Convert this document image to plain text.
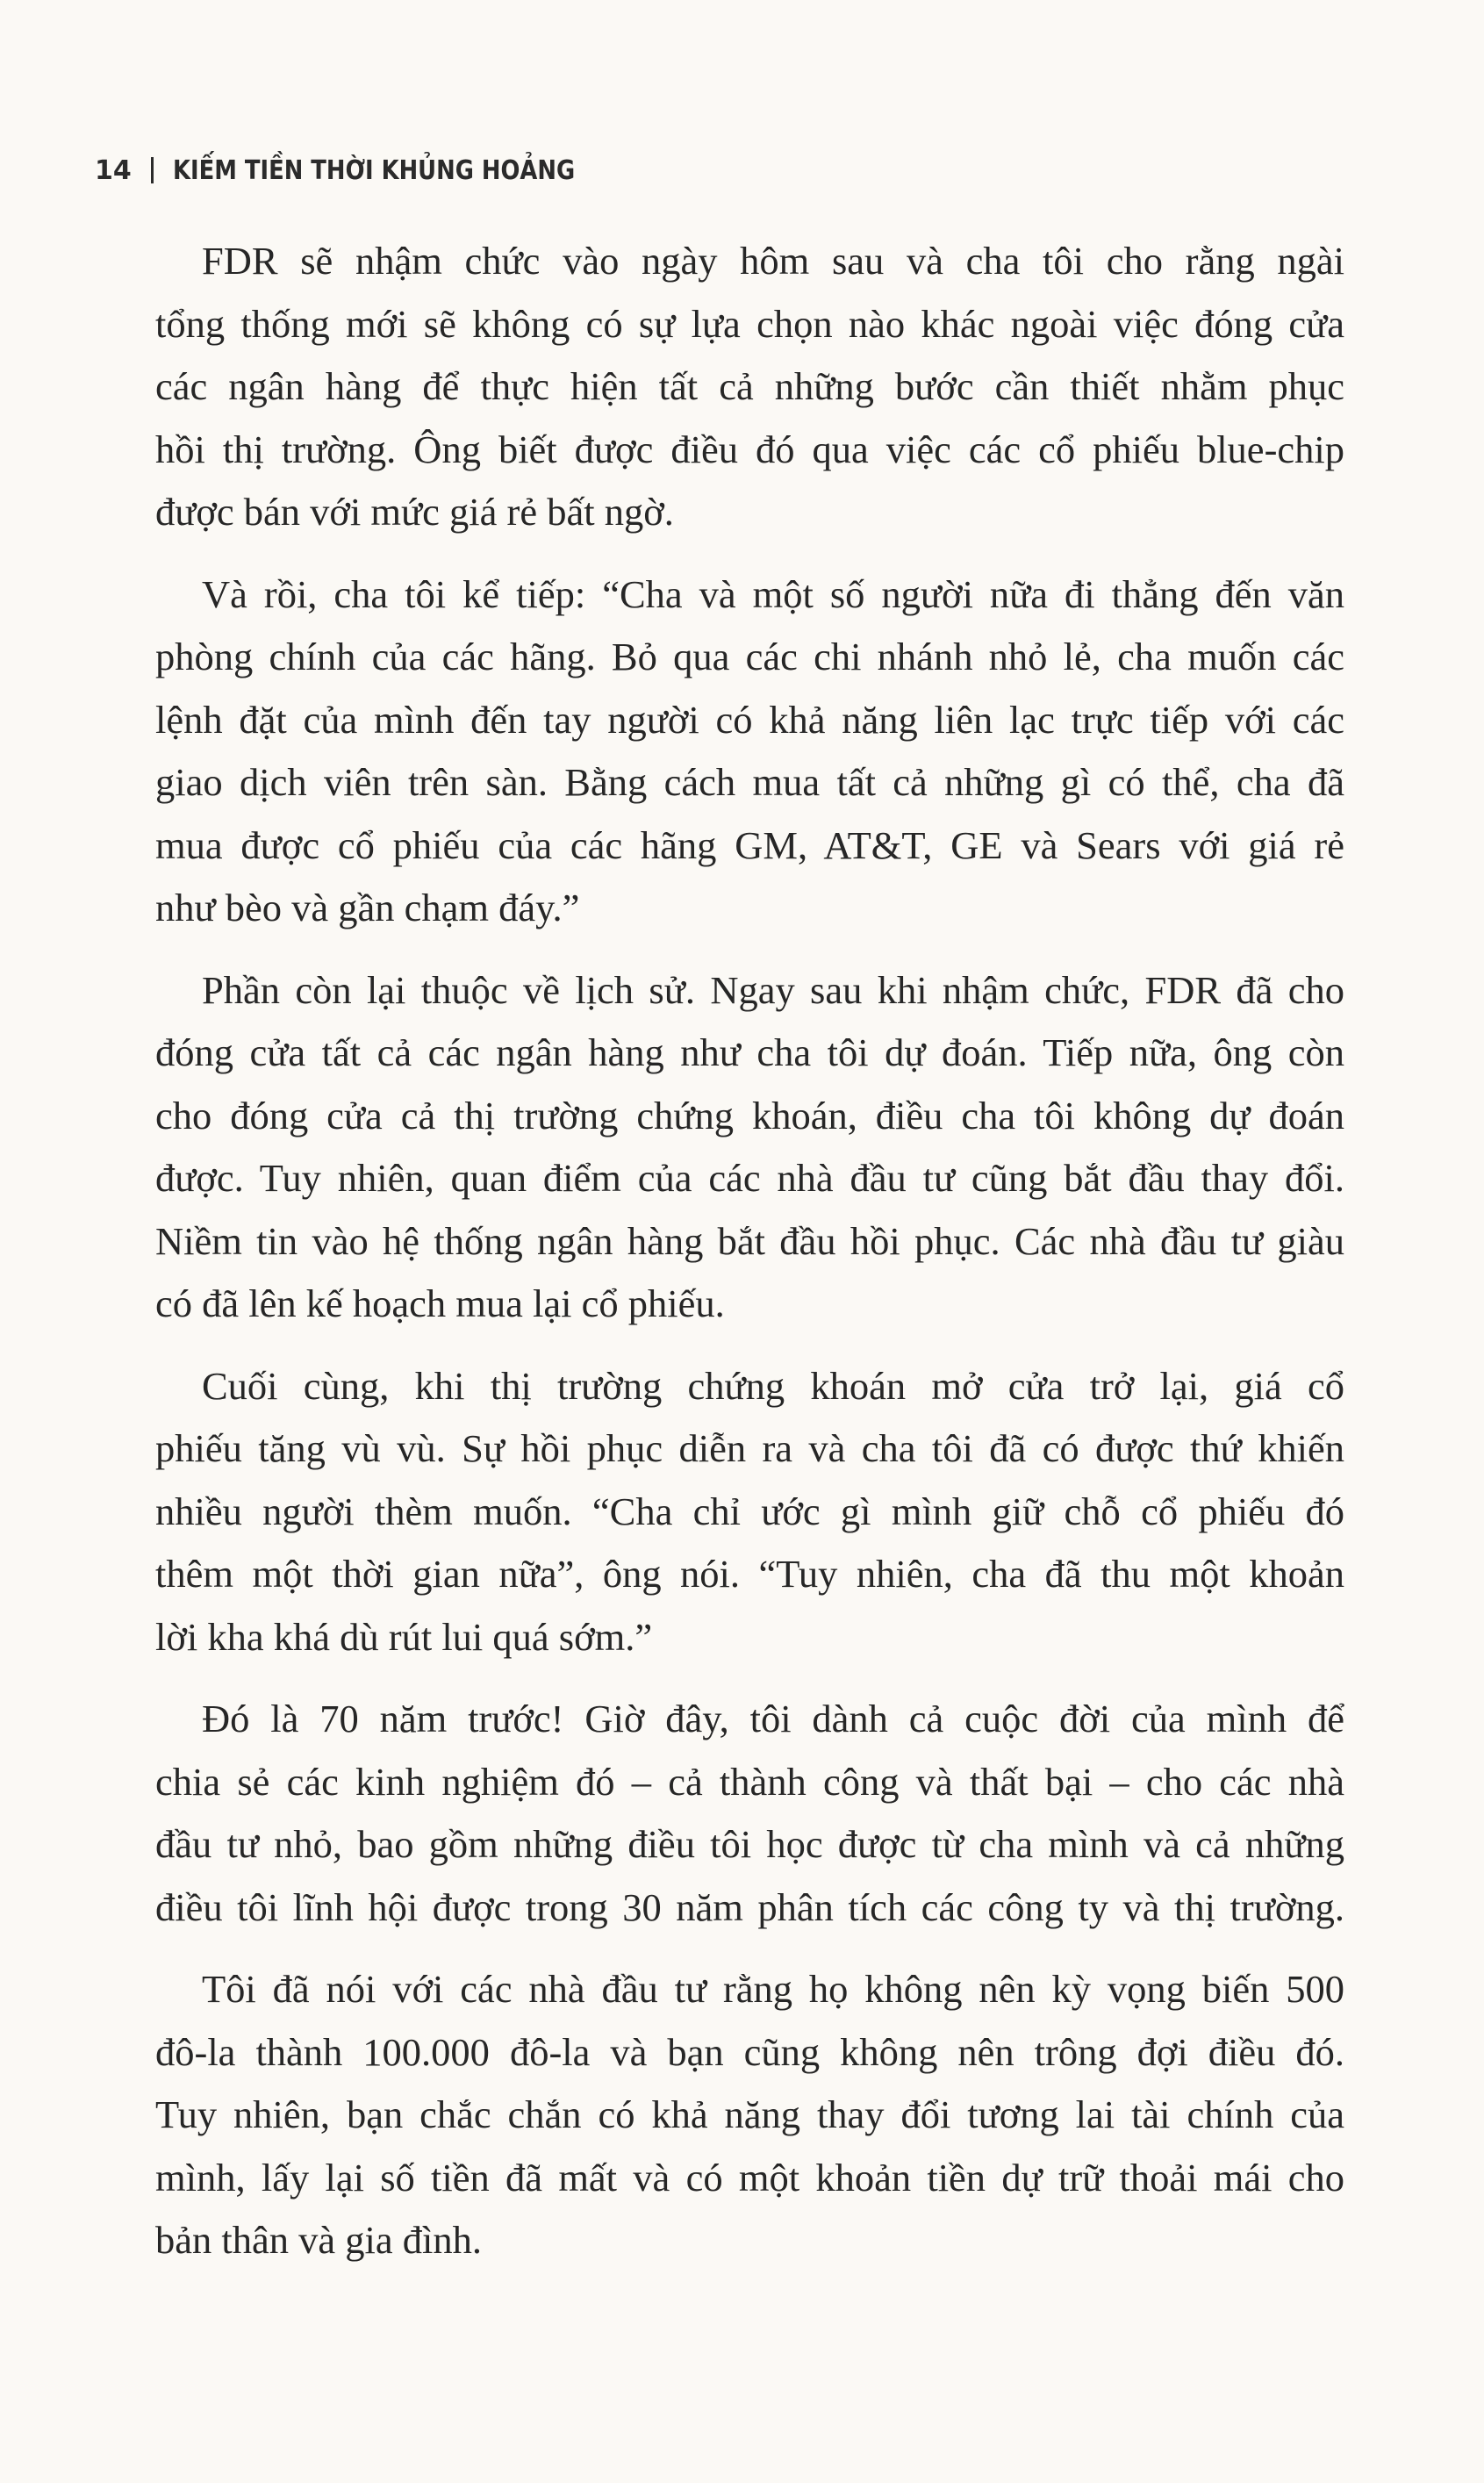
14 KIẾM TIỀN THỜI KHỦNG HOẢNG

FDR sẽ nhậm chức vào ngày hôm sau và cha tôi cho rằng ngài
tổng thống mới sẽ không có sự lựa chọn nào khác ngoài việc đóng cửa
các ngân hàng để thực hiện tất cả những bước cần thiết nhằm phục
hồi thị trường. Ông biết được điều đó qua việc các cổ phiếu blue-chip
được bán với mức giá rẻ bất ngờ.

Và rồi, cha tôi kể tiếp: “Cha và một số người nữa đi thẳng đến văn
phòng chính của các hãng. Bỏ qua các chi nhánh nhỏ lẻ, cha muốn các
lệnh đặt của mình đến tay người có khả năng liên lạc trực tiếp với các
giao dịch viên trên sàn. Bằng cách mua tất cả những gì có thể, cha đã
mua được cổ phiếu của các hãng GM, AT&T, GE và Sears với giá rẻ
như bèo và gần chạm đáy.”

Phần còn lại thuộc về lịch sử. Ngay sau khi nhậm chức, FDR đã cho
đóng cửa tất cả các ngân hàng như cha tôi dự đoán. Tiếp nữa, ông còn
cho đóng cửa cả thị trường chứng khoán, điều cha tôi không dự đoán
được. Tuy nhiên, quan điểm của các nhà đầu tư cũng bắt đầu thay đổi.
Niềm tin vào hệ thống ngân hàng bắt đầu hồi phục. Các nhà đầu tư giàu
có đã lên kế hoạch mua lại cổ phiếu.

Cuối cùng, khi thị trường chứng khoán mở cửa trở lại, giá cổ
phiếu tăng vù vù. Sự hồi phục diễn ra và cha tôi đã có được thứ khiến
nhiều người thèm muốn. “Cha chỉ ước gì mình giữ chỗ cổ phiếu đó
thêm một thời gian nữa”, ông nói. “Tuy nhiên, cha đã thu một khoản
lời kha khá dù rút lui quá sớm.”

Đó là 70 năm trước! Giờ đây, tôi dành cả cuộc đời của mình để
chia sẻ các kinh nghiệm đó – cả thành công và thất bại – cho các nhà
đầu tư nhỏ, bao gồm những điều tôi học được từ cha mình và cả những
điều tôi lĩnh hội được trong 30 năm phân tích các công ty và thị trường.

Tôi đã nói với các nhà đầu tư rằng họ không nên kỳ vọng biến 500
đô-la thành 100.000 đô-la và bạn cũng không nên trông đợi điều đó.
Tuy nhiên, bạn chắc chắn có khả năng thay đổi tương lai tài chính của
mình, lấy lại số tiền đã mất và có một khoản tiền dự trữ thoải mái cho
bản thân và gia đình.
